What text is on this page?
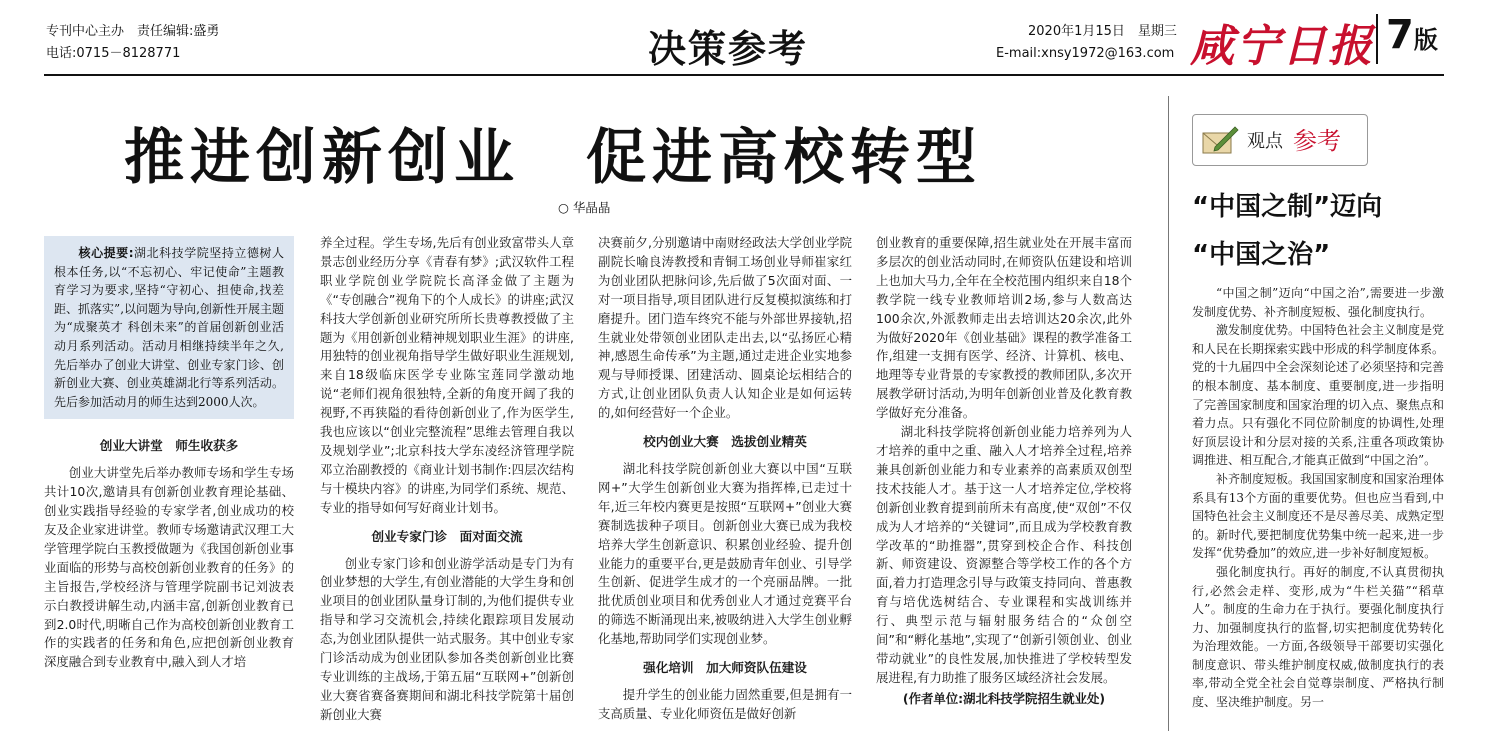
专刊中心主办　责任编辑:盛勇
电话:0715－8128771	决策参考	2020年1月15日　星期三
E-mail:xnsy1972@163.com 咸宁日报 7版
推进创新创业　促进高校转型
○ 华晶晶
核心提要:湖北科技学院坚持立德树人根本任务,以“不忘初心、牢记使命”主题教育学习为要求,坚持“守初心、担使命,找差距、抓落实”,以问题为导向,创新性开展主题为“成聚英才 科创未来”的首届创新创业活动月系列活动。活动月相继持续半年之久,先后举办了创业大讲堂、创业专家门诊、创新创业大赛、创业英雄湖北行等系列活动。先后参加活动月的师生达到2000人次。
创业大讲堂　师生收获多

创业大讲堂先后举办教师专场和学生专场共计10次,邀请具有创新创业教育理论基础、创业实践指导经验的专家学者,创业成功的校友及企业家进讲堂。教师专场邀请武汉理工大学管理学院白玉教授做题为《我国创新创业事业面临的形势与高校创新创业教育的任务》的主旨报告,学校经济与管理学院副书记刘波表示白教授讲解生动,内涵丰富,创新创业教育已到2.0时代,明晰自己作为高校创新创业教育工作的实践者的任务和角色,应把创新创业教育深度融合到专业教育中,融入到人才培

养全过程。学生专场,先后有创业致富带头人章景志创业经历分享《青春有梦》;武汉软件工程职业学院创业学院院长高泽金做了主题为《“专创融合”视角下的个人成长》的讲座;武汉科技大学创新创业研究所所长贵尊教授做了主题为《用创新创业精神规划职业生涯》的讲座,用独特的创业视角指导学生做好职业生涯规划,来自18级临床医学专业陈宝莲同学激动地说“老师们视角很独特,全新的角度开阔了我的视野,不再狭隘的看待创新创业了,作为医学生,我也应该以“创业完整流程”思维去管理自我以及规划学业”;北京科技大学东凌经济管理学院邓立治副教授的《商业计划书制作:四层次结构与十模块内容》的讲座,为同学们系统、规范、专业的指导如何写好商业计划书。

创业专家门诊　面对面交流

创业专家门诊和创业游学活动是专门为有创业梦想的大学生,有创业潜能的大学生身和创业项目的创业团队量身订制的,为他们提供专业指导和学习交流机会,持续化跟踪项目发展动态,为创业团队提供一站式服务。其中创业专家门诊活动成为创业团队参加各类创新创业比赛专业训练的主战场,于第五届“互联网+”创新创业大赛省赛备赛期间和湖北科技学院第十届创新创业大赛

决赛前夕,分别邀请中南财经政法大学创业学院副院长喻良涛教授和青铜工场创业导师崔家红为创业团队把脉问诊,先后做了5次面对面、一对一项目指导,项目团队进行反复模拟演练和打磨提升。团门造车终究不能与外部世界接轨,招生就业处带领创业团队走出去,以“弘扬匠心精神,感恩生命传承”为主题,通过走进企业实地参观与导师授课、团建活动、圆桌论坛相结合的方式,让创业团队负责人认知企业是如何运转的,如何经营好一个企业。

校内创业大赛　选拔创业精英

湖北科技学院创新创业大赛以中国“互联网+”大学生创新创业大赛为指挥棒,已走过十年,近三年校内赛更是按照“互联网+”创业大赛赛制选拔种子项目。创新创业大赛已成为我校培养大学生创新意识、积累创业经验、提升创业能力的重要平台,更是鼓励青年创业、引导学生创新、促进学生成才的一个亮丽品牌。一批批优质创业项目和优秀创业人才通过竞赛平台的筛选不断涌现出来,被吸纳进入大学生创业孵化基地,帮助同学们实现创业梦。

强化培训　加大师资队伍建设

提升学生的创业能力固然重要,但是拥有一支高质量、专业化师资伍是做好创新

创业教育的重要保障,招生就业处在开展丰富而多层次的创业活动同时,在师资队伍建设和培训上也加大马力,全年在全校范围内组织来自18个教学院一线专业教师培训2场,参与人数高达100余次,外派教师走出去培训达20余次,此外为做好2020年《创业基础》课程的教学准备工作,组建一支拥有医学、经济、计算机、核电、地理等专业背景的专家教授的教师团队,多次开展教学研讨活动,为明年创新创业普及化教育教学做好充分准备。

湖北科技学院将创新创业能力培养列为人才培养的重中之重、融入人才培养全过程,培养兼具创新创业能力和专业素养的高素质双创型技术技能人才。基于这一人才培养定位,学校将创新创业教育提到前所未有高度,使“双创”不仅成为人才培养的“关键词”,而且成为学校教育教学改革的“助推器”,贯穿到校企合作、科技创新、师资建设、资源整合等学校工作的各个方面,着力打造理念引导与政策支持同向、普惠教育与培优选树结合、专业课程和实战训练并行、典型示范与辐射服务结合的“众创空间”和“孵化基地”,实现了“创新引领创业、创业带动就业”的良性发展,加快推进了学校转型发展进程,有力助推了服务区域经济社会发展。

(作者单位:湖北科技学院招生就业处)
观点 参考
“中国之制”迈向
“中国之治”

“中国之制”迈向“中国之治”,需要进一步激发制度优势、补齐制度短板、强化制度执行。

激发制度优势。中国特色社会主义制度是党和人民在长期探索实践中形成的科学制度体系。党的十九届四中全会深刻论述了必须坚持和完善的根本制度、基本制度、重要制度,进一步指明了完善国家制度和国家治理的切入点、聚焦点和着力点。只有强化不同位阶制度的协调性,处理好顶层设计和分层对接的关系,注重各项政策协调推进、相互配合,才能真正做到“中国之治”。

补齐制度短板。我国国家制度和国家治理体系具有13个方面的重要优势。但也应当看到,中国特色社会主义制度还不是尽善尽美、成熟定型的。新时代,要把制度优势集中统一起来,进一步发挥“优势叠加”的效应,进一步补好制度短板。

强化制度执行。再好的制度,不认真贯彻执行,必然会走样、变形,成为“牛栏关猫”“稻草人”。制度的生命力在于执行。要强化制度执行力、加强制度执行的监督,切实把制度优势转化为治理效能。一方面,各级领导干部要切实强化制度意识、带头维护制度权威,做制度执行的表率,带动全党全社会自觉尊崇制度、严格执行制度、坚决维护制度。另一
